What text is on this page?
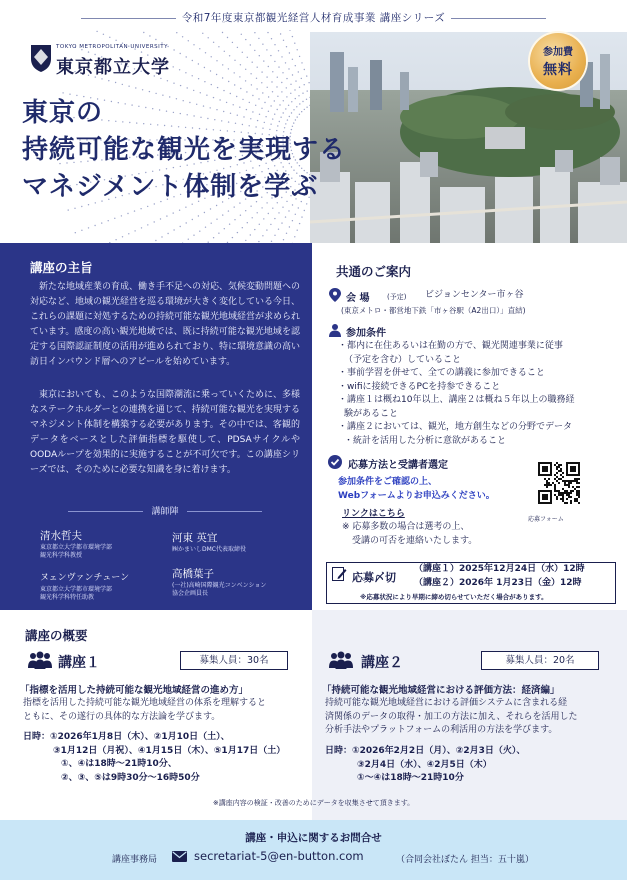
TOKYO METROPOLITAN UNIVERSITY
東京都立大学
令和7年度東京都観光経営人材育成事業 講座シリーズ
東京の
持続可能な観光を実現する
マネジメント体制を学ぶ
参加費
無料
講座の主旨
新たな地域産業の育成、働き手不足への対応、気候変動問題への対応など、地域の観光経営を巡る環境が大きく変化している今日、これらの課題に対処するための持続可能な観光地域経営が求められています。感度の高い観光地域では、既に持続可能な観光地域を認定する国際認証制度の活用が進められており、特に環境意識の高い訪日インバウンド層へのアピールを始めています。
東京においても、このような国際潮流に乗っていくために、多様なステークホルダーとの連携を通じて、持続可能な観光を実現するマネジメント体制を構築する必要があります。その中では、客観的データをベースとした評価指標を駆使して、PDSAサイクルやOODAループを効果的に実施することが不可欠です。この講座シリーズでは、そのために必要な知識を身に着けます。
講師陣
清水哲夫
東京都立大学都市環境学部
観光科学科教授
河東 英宜
㈱かまいしDMC代表取締役
ヌェンヴァンチューン
東京都立大学都市環境学部
観光科学科特任助教
高橋葉子
(一社)高崎国際観光コンベンション
協会企画員長
共通のご案内
会 場	(予定) ビジョンセンター市ヶ谷
(東京メトロ・都営地下鉄「市ヶ谷駅（A2出口）」直結)
参加条件
・都内に在住あるいは在勤の方で、観光関連事業に従事
（予定を含む）していること
・事前学習を併せて、全ての講義に参加できること
・wifiに接続できるPCを持参できること
・講座１は概ね10年以上、講座２は概ね５年以上の職務経
験があること
・講座２においては、観光，地方創生などの分野でデータ
・統計を活用した分析に意欲があること
応募方法と受講者選定
参加条件をご確認の上、
Webフォームよりお申込みください。
リンクはこちら
応募フォーム
※ 応募多数の場合は選考の上、
受講の可否を連絡いたします。
応募〆切
（講座１）2025年12月24日（水）12時
（講座２）2026年 1月23日（金）12時
※応募状況により早期に締め切らせていただく場合があります。
講座の概要
講座１	募集人員：30名
「指標を活用した持続可能な観光地域経営の進め方」
指標を活用した持続可能な観光地域経営の体系を理解すると
ともに、その遂行の具体的な方法論を学びます。
日時：①2026年1月8日（木）、②1月10日（土）、
③1月12日（月祝）、④1月15日（木）、⑤1月17日（土）
①、④は18時～21時10分、
②、③、⑤は9時30分～16時50分
講座２	募集人員：20名
「持続可能な観光地域経営における評価方法：経済編」
持続可能な観光地域経営における評価システムに含まれる経
済関係のデータの取得・加工の方法に加え、それらを活用した
分析手法やプラットフォームの利活用の方法を学びます。
日時：①2026年2月2日（月）、②2月3日（火）、
③2月4日（水）、④2月5日（木）
①～④は18時～21時10分
※講座内容の検証・改善のためにデータを収集させて頂きます。
講座・申込に関するお問合せ
講座事務局	secretariat-5@en-button.com	（合同会社ぼたん 担当：五十嵐）
